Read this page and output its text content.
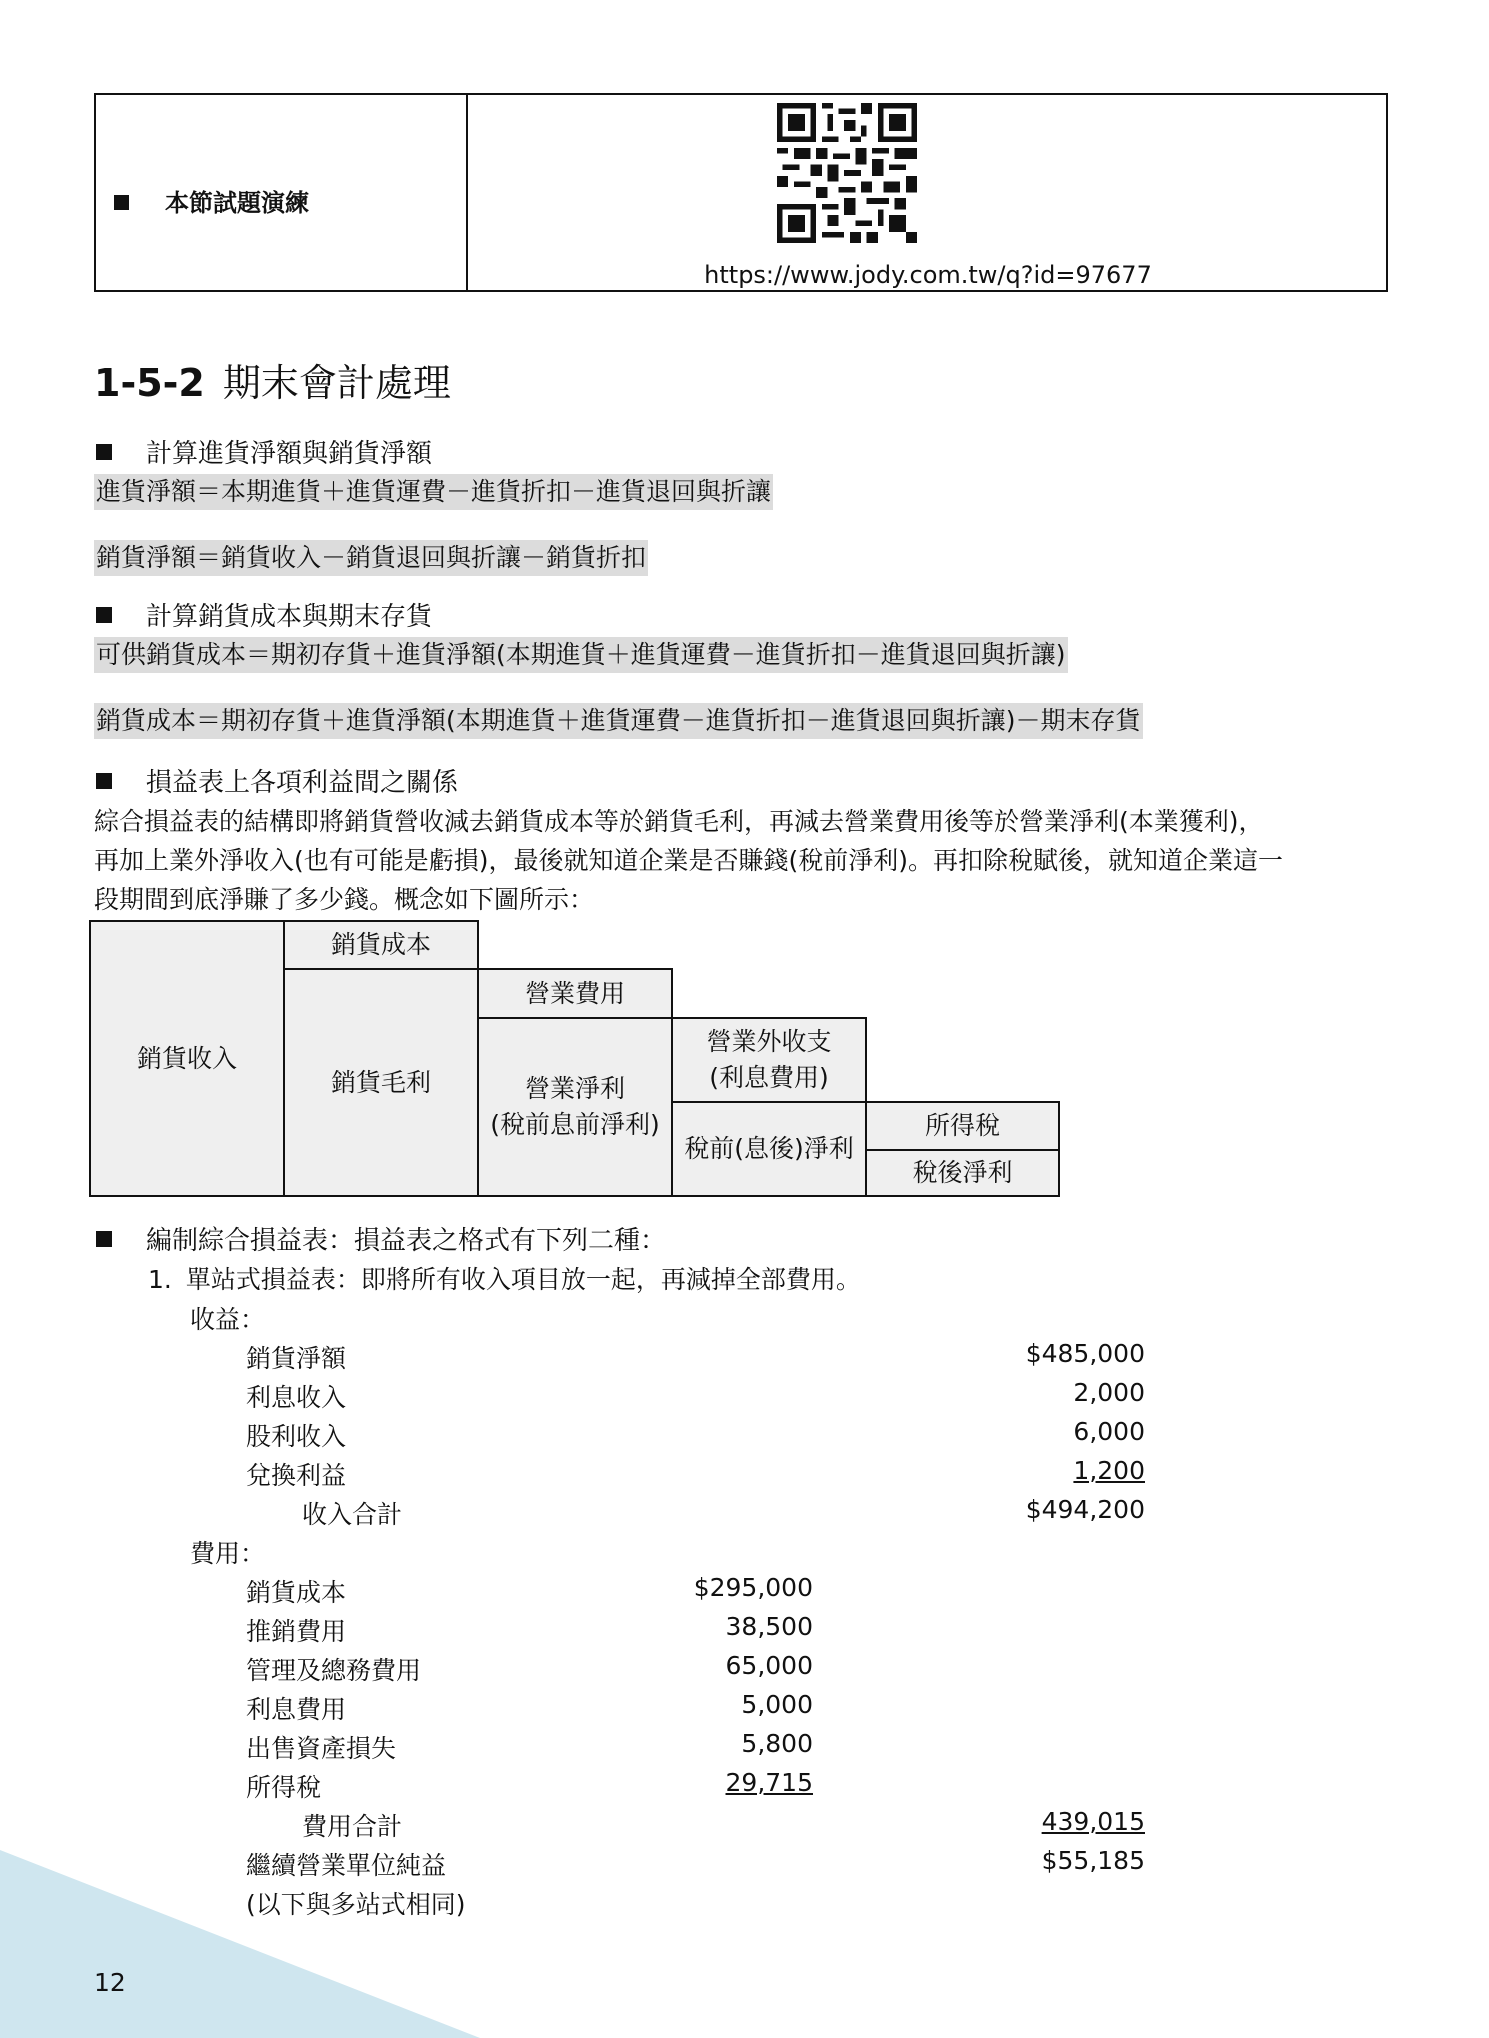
本節試題演練
https://www.jody.com.tw/q?id=97677
1-5-2 期末會計處理
計算進貨淨額與銷貨淨額
進貨淨額＝本期進貨＋進貨運費－進貨折扣－進貨退回與折讓
銷貨淨額＝銷貨收入－銷貨退回與折讓－銷貨折扣
計算銷貨成本與期末存貨
可供銷貨成本＝期初存貨＋進貨淨額(本期進貨＋進貨運費－進貨折扣－進貨退回與折讓)
銷貨成本＝期初存貨＋進貨淨額(本期進貨＋進貨運費－進貨折扣－進貨退回與折讓)－期末存貨
損益表上各項利益間之關係
綜合損益表的結構即將銷貨營收減去銷貨成本等於銷貨毛利，再減去營業費用後等於營業淨利(本業獲利)，
再加上業外淨收入(也有可能是虧損)，最後就知道企業是否賺錢(稅前淨利)。再扣除稅賦後，就知道企業這一
段期間到底淨賺了多少錢。概念如下圖所示：
銷貨收入
銷貨成本
銷貨毛利
營業費用
營業淨利
(稅前息前淨利)
營業外收支
(利息費用)
稅前(息後)淨利
所得稅
稅後淨利
編制綜合損益表：損益表之格式有下列二種：
1. 單站式損益表：即將所有收入項目放一起，再減掉全部費用。
收益：
銷貨淨額	$485,000
利息收入	2,000
股利收入	6,000
兌換利益	1,200
收入合計	$494,200
費用：
銷貨成本	$295,000
推銷費用	38,500
管理及總務費用	65,000
利息費用	5,000
出售資產損失	5,800
所得稅	29,715
費用合計	439,015
繼續營業單位純益	$55,185
(以下與多站式相同)
12
